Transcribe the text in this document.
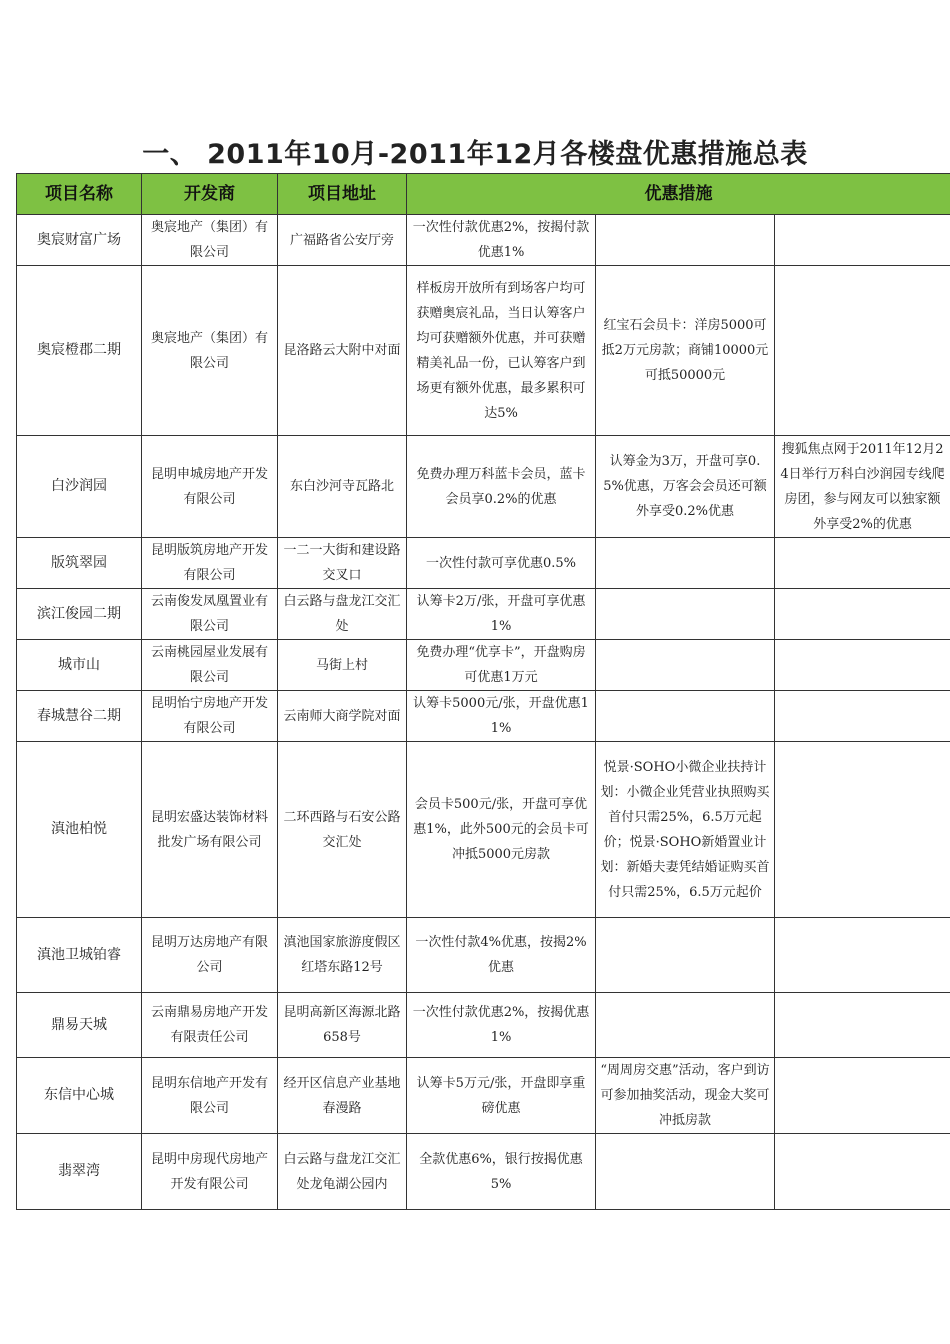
一、 2011年10月-2011年12月各楼盘优惠措施总表
项目名称	开发商	项目地址	优惠措施		
奥宸财富广场	奥宸地产（集团）有限公司	广福路省公安厅旁	一次性付款优惠2%，按揭付款优惠1%		
奥宸橙郡二期	奥宸地产（集团）有限公司	昆洛路云大附中对面	样板房开放所有到场客户均可获赠奥宸礼品，当日认筹客户均可获赠额外优惠，并可获赠精美礼品一份，已认筹客户到场更有额外优惠，最多累积可达5%	红宝石会员卡：洋房5000可抵2万元房款；商铺10000元可抵50000元	
白沙润园	昆明申城房地产开发有限公司	东白沙河寺瓦路北	免费办理万科蓝卡会员，蓝卡会员享0.2%的优惠	认筹金为3万，开盘可享0.5%优惠，万客会会员还可额外享受0.2%优惠	搜狐焦点网于2011年12月24日举行万科白沙润园专线爬房团，参与网友可以独家额外享受2%的优惠
版筑翠园	昆明版筑房地产开发有限公司	一二一大街和建设路交叉口	一次性付款可享优惠0.5%		
滨江俊园二期	云南俊发凤凰置业有限公司	白云路与盘龙江交汇处	认筹卡2万/张，开盘可享优惠1%		
城市山	云南桃园屋业发展有限公司	马街上村	免费办理“优享卡”，开盘购房可优惠1万元		
春城慧谷二期	昆明怡宁房地产开发有限公司	云南师大商学院对面	认筹卡5000元/张，开盘优惠11%		
滇池柏悦	昆明宏盛达装饰材料批发广场有限公司	二环西路与石安公路交汇处	会员卡500元/张，开盘可享优惠1%，此外500元的会员卡可冲抵5000元房款	悦景·SOHO小微企业扶持计划：小微企业凭营业执照购买首付只需25%，6.5万元起价；悦景·SOHO新婚置业计划：新婚夫妻凭结婚证购买首付只需25%，6.5万元起价	
滇池卫城铂睿	昆明万达房地产有限公司	滇池国家旅游度假区红塔东路12号	一次性付款4%优惠，按揭2%优惠		
鼎易天城	云南鼎易房地产开发有限责任公司	昆明高新区海源北路658号	一次性付款优惠2%，按揭优惠1%		
东信中心城	昆明东信地产开发有限公司	经开区信息产业基地春漫路	认筹卡5万元/张，开盘即享重磅优惠	“周周房交惠”活动，客户到访可参加抽奖活动，现金大奖可冲抵房款	
翡翠湾	昆明中房现代房地产开发有限公司	白云路与盘龙江交汇处龙龟湖公园内	全款优惠6%，银行按揭优惠5%		
